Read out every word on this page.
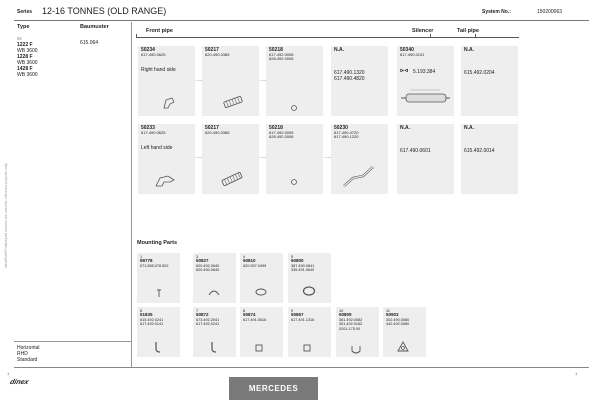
Ident/Part/Product/part number are used for reference purpose only
Series 12-16 TONNES (OLD RANGE)	System No.:	150200063
Type	Baumuster
≡≡
1222 F
WB 3600
1228 F
WB 3600
1428 F
WB 3600
615.064
Horizontal
RHD
Standard
Front pipe	Silencer	Tail pipe
50234
617.490.0625
Right hand side
······
50217
620.490.0365
······
50218
617.492.0008
628.492.0008
N.A.
617.490.1320
617.490.4820
50340
617.490.0101
⊳⊲ 5.193.384
N.A.
615.492.0204
50233
617.490.0625
Left hand side
······
50217
620.490.0365
······
50218
617.492.0008
628.492.0008
······
50230
617.490.4720
617.490.1220
N.A.
617.490.0601
N.A.
615.492.0014
Mounting Parts
1
99778
071.555.078.502
3
50827
620.492.0640
620.490.0640
4
50810
620.997.0499
5
50800
387.490.0841
335.491.0640
6
51835
615.492.0241
617.492.0141
7
50872
673.492.2041
617.492.0241
8
50874
617.491.0616
9
50867
617.491.1316
10
50809
361.492.0082
301.492.0162
0201.175.00
11
50903
302.490.0080
442.492.0080
1	1
dinex
MERCEDES
